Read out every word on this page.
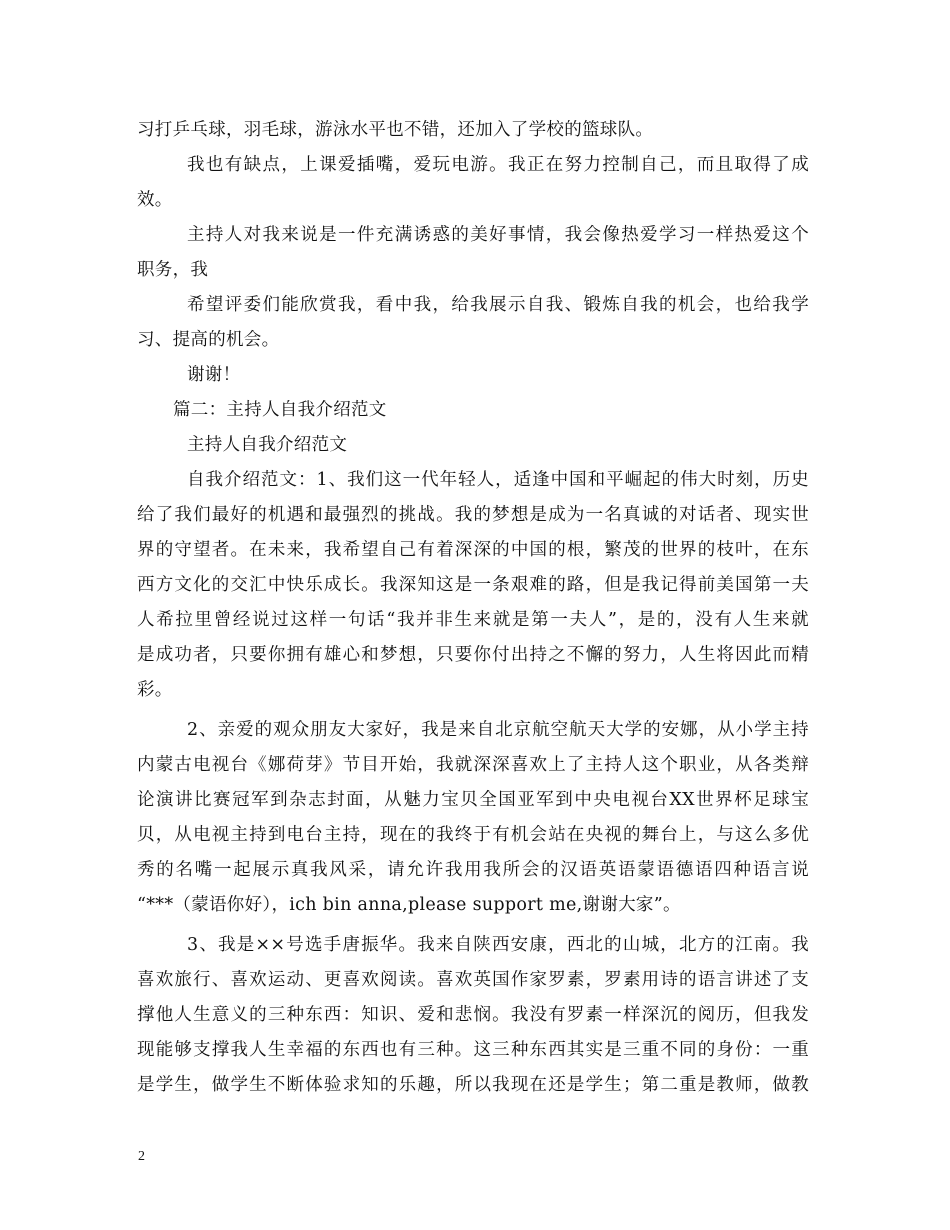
习打乒乓球，羽毛球，游泳水平也不错，还加入了学校的篮球队。
我也有缺点，上课爱插嘴，爱玩电游。我正在努力控制自己，而且取得了成
效。
主持人对我来说是一件充满诱惑的美好事情，我会像热爱学习一样热爱这个
职务，我
希望评委们能欣赏我，看中我，给我展示自我、锻炼自我的机会，也给我学
习、提高的机会。
谢谢！
篇二：主持人自我介绍范文
主持人自我介绍范文
自我介绍范文：1、我们这一代年轻人，适逢中国和平崛起的伟大时刻，历史
给了我们最好的机遇和最强烈的挑战。我的梦想是成为一名真诚的对话者、现实世
界的守望者。在未来，我希望自己有着深深的中国的根，繁茂的世界的枝叶，在东
西方文化的交汇中快乐成长。我深知这是一条艰难的路，但是我记得前美国第一夫
人希拉里曾经说过这样一句话“我并非生来就是第一夫人”，是的，没有人生来就
是成功者，只要你拥有雄心和梦想，只要你付出持之不懈的努力，人生将因此而精
彩。
2、亲爱的观众朋友大家好，我是来自北京航空航天大学的安娜，从小学主持
内蒙古电视台《娜荷芽》节目开始，我就深深喜欢上了主持人这个职业，从各类辩
论演讲比赛冠军到杂志封面，从魅力宝贝全国亚军到中央电视台XX世界杯足球宝
贝，从电视主持到电台主持，现在的我终于有机会站在央视的舞台上，与这么多优
秀的名嘴一起展示真我风采，请允许我用我所会的汉语英语蒙语德语四种语言说
“***（蒙语你好），ich bin anna,please support me,谢谢大家”。
3、我是××号选手唐振华。我来自陕西安康，西北的山城，北方的江南。我
喜欢旅行、喜欢运动、更喜欢阅读。喜欢英国作家罗素，罗素用诗的语言讲述了支
撑他人生意义的三种东西：知识、爱和悲悯。我没有罗素一样深沉的阅历，但我发
现能够支撑我人生幸福的东西也有三种。这三种东西其实是三重不同的身份：一重
是学生，做学生不断体验求知的乐趣，所以我现在还是学生；第二重是教师，做教
2
